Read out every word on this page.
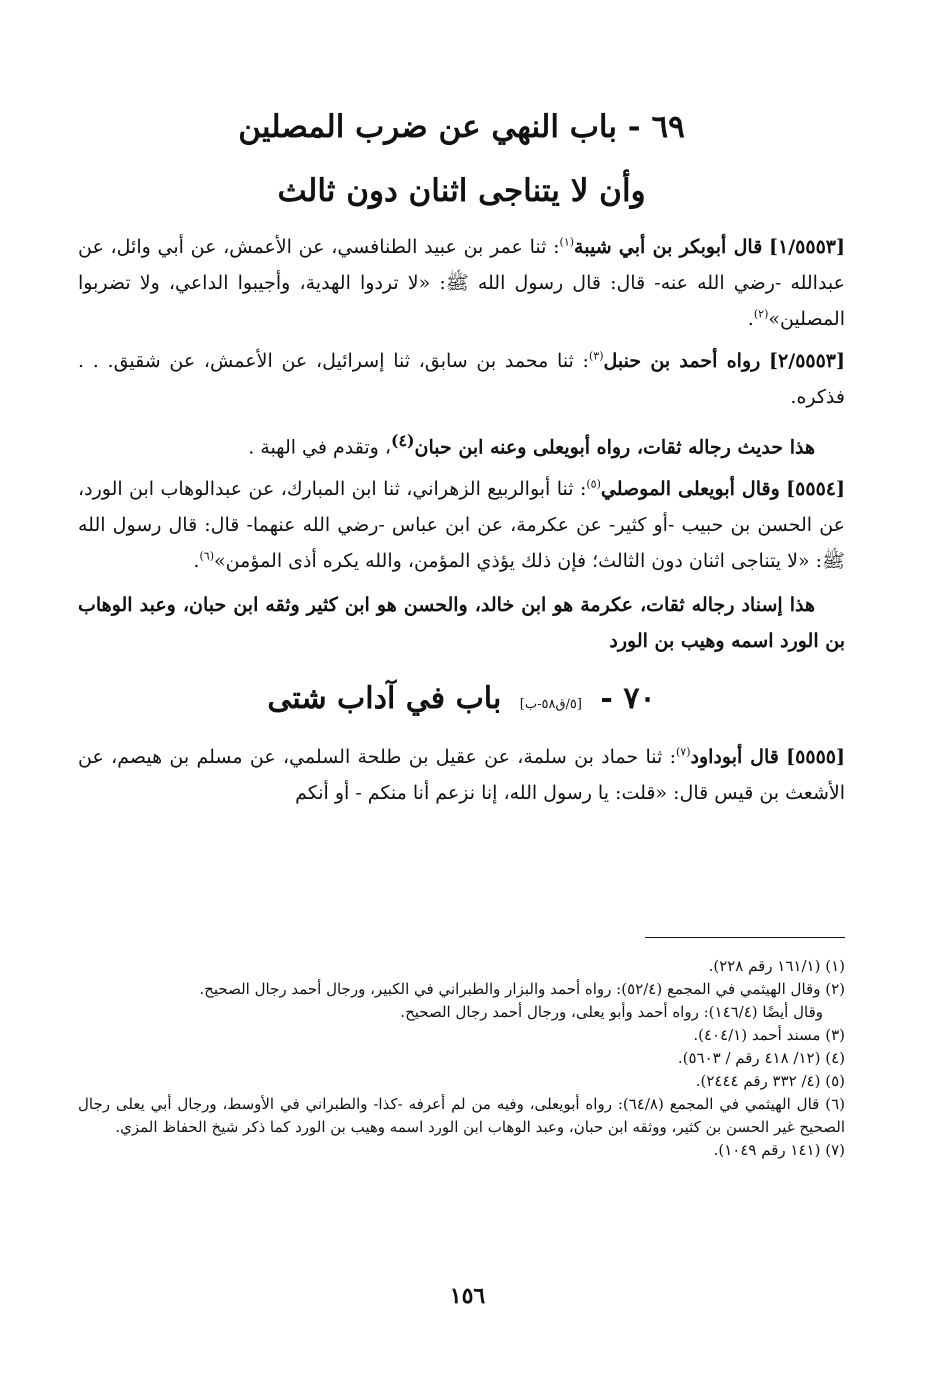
٦٩ - باب النهي عن ضرب المصلين
وأن لا يتناجى اثنان دون ثالث

[١/٥٥٥٣] قال أبوبكر بن أبي شيبة$^{(١)}$: ثنا عمر بن عبيد الطنافسي، عن الأعمش، عن أبي وائل، عن عبدالله -رضي الله عنه- قال: قال رسول الله ﷺ: «لا تردوا الهدية، وأجيبوا الداعي، ولا تضربوا المصلين»$^{(٢)}$.

[٢/٥٥٥٣] رواه أحمد بن حنبل$^{(٣)}$: ثنا محمد بن سابق، ثنا إسرائيل، عن الأعمش، عن شقيق. . . فذكره.

هذا حديث رجاله ثقات، رواه أبويعلى وعنه ابن حبان$^{(٤)}$، وتقدم في الهبة .

[٥٥٥٤] وقال أبويعلى الموصلي$^{(٥)}$: ثنا أبوالربيع الزهراني، ثنا ابن المبارك، عن عبدالوهاب ابن الورد، عن الحسن بن حبيب -أو كثير- عن عكرمة، عن ابن عباس -رضي الله عنهما- قال: قال رسول الله ﷺ: «لا يتناجى اثنان دون الثالث؛ فإن ذلك يؤذي المؤمن، والله يكره أذى المؤمن»$^{(٦)}$.

هذا إسناد رجاله ثقات، عكرمة هو ابن خالد، والحسن هو ابن كثير وثقه ابن حبان، وعبد الوهاب بن الورد اسمه وهيب بن الورد

٧٠ - [٥/ق٥٨-ب] باب في آداب شتى

[٥٥٥٥] قال أبوداود$^{(٧)}$: ثنا حماد بن سلمة، عن عقيل بن طلحة السلمي، عن مسلم بن هيصم، عن الأشعث بن قيس قال: «قلت: يا رسول الله، إنا نزعم أنا منكم - أو أنكم

(١) (١٦١/١ رقم ٢٢٨).

(٢) وقال الهيثمي في المجمع (٥٢/٤): رواه أحمد والبزار والطبراني في الكبير، ورجال أحمد رجال الصحيح.
وقال أيضًا (١٤٦/٤): رواه أحمد وأبو يعلى، ورجال أحمد رجال الصحيح.

(٣) مسند أحمد (٤٠٤/١).

(٤) (١٢/ ٤١٨ رقم / ٥٦٠٣).

(٥) (٤/ ٣٣٢ رقم ٢٤٤٤).

(٦) قال الهيثمي في المجمع (٦٤/٨): رواه أبويعلى، وفيه من لم أعرفه -كذا- والطبراني في الأوسط، ورجال أبي يعلى رجال الصحيح غير الحسن بن كثير، ووثقه ابن حبان، وعبد الوهاب ابن الورد اسمه وهيب بن الورد كما ذكر شيخ الحفاظ المزي.

(٧) (١٤١ رقم ١٠٤٩).

١٥٦
